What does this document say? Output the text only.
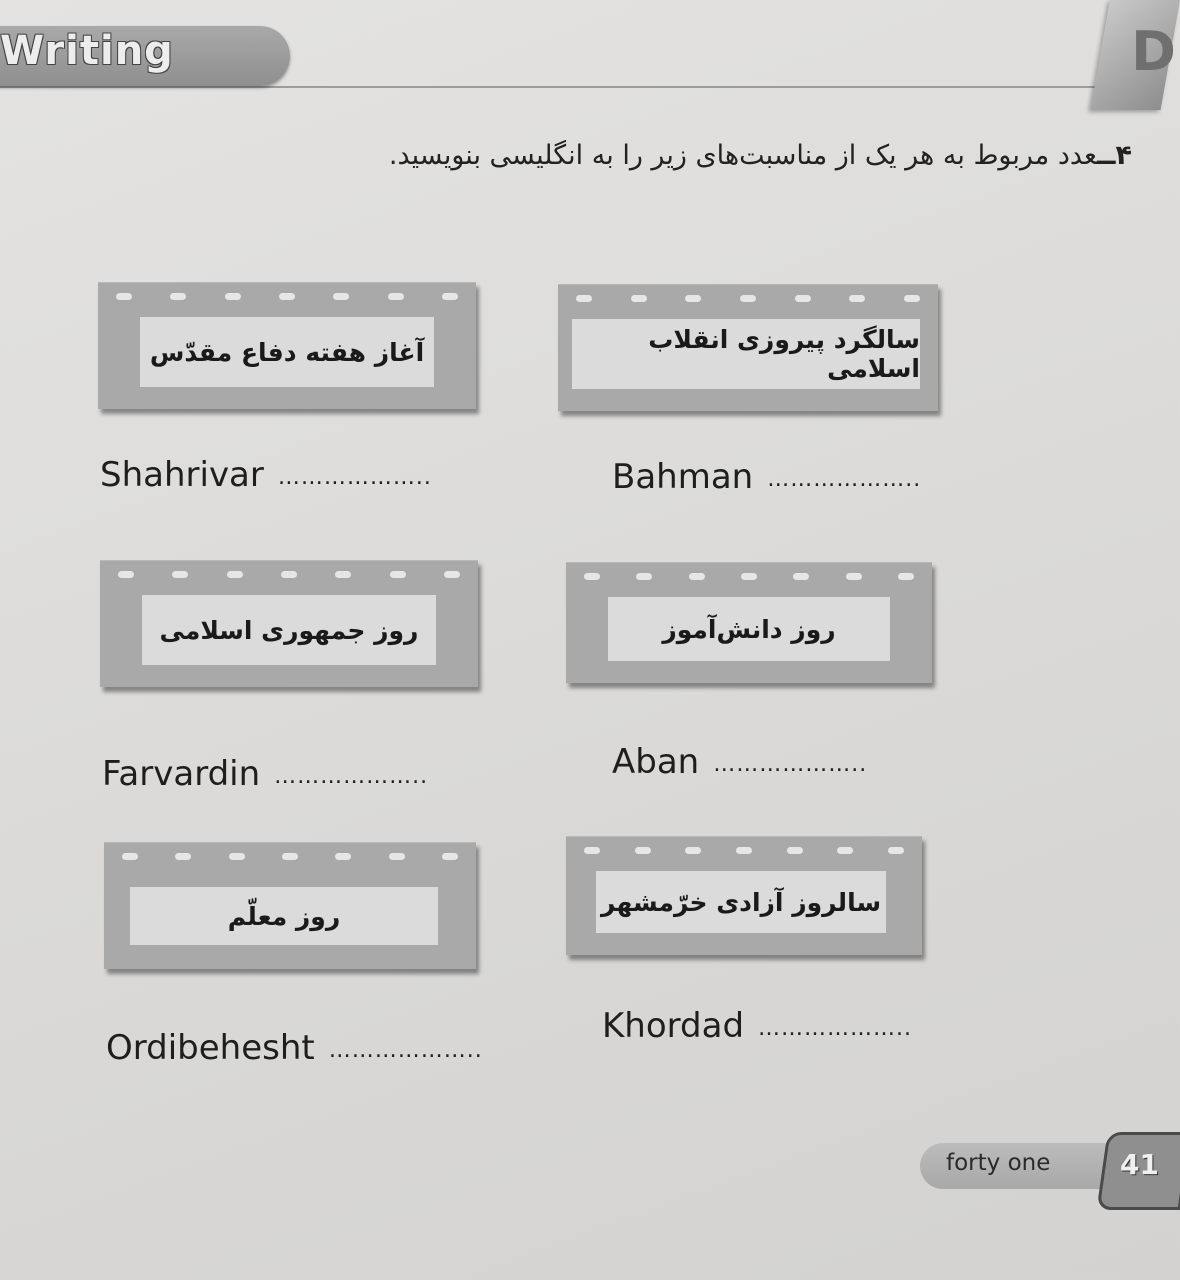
Writing	D
۴ــعدد مربوط به هر یک از مناسبت‌های زیر را به انگلیسی بنویسید.
آغاز هفته دفاع مقدّس
Shahrivar ………………..
سالگرد پیروزی انقلاب اسلامی
Bahman ………………..
روز جمهوری اسلامی
Farvardin ………………..
روز دانش‌آموز
Aban ………………..
روز معلّم
Ordibehesht ………………..
سالروز آزادی خرّمشهر
Khordad ………………..
forty one 41
